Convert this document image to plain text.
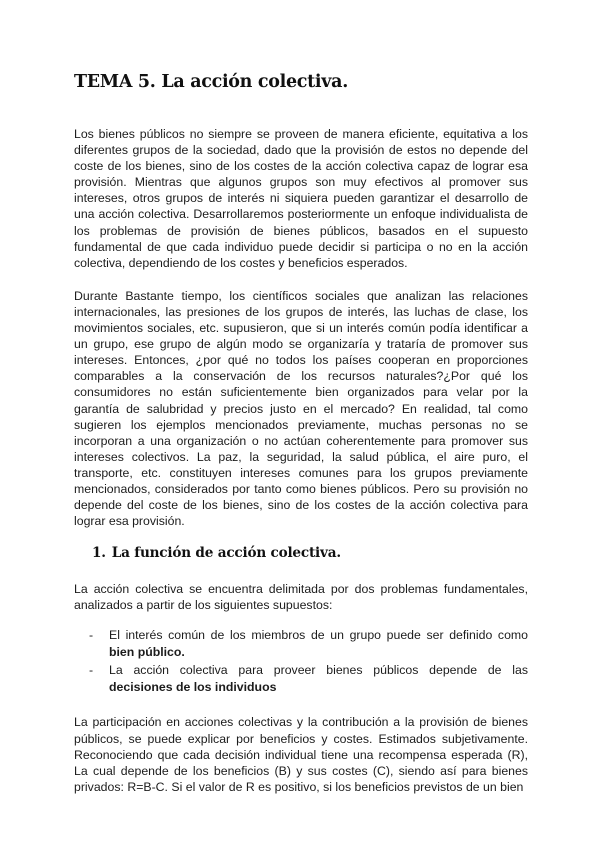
TEMA 5. La acción colectiva.

Los bienes públicos no siempre se proveen de manera eficiente, equitativa a los diferentes grupos de la sociedad, dado que la provisión de estos no depende del coste de los bienes, sino de los costes de la acción colectiva capaz de lograr esa provisión. Mientras que algunos grupos son muy efectivos al promover sus intereses, otros grupos de interés ni siquiera pueden garantizar el desarrollo de una acción colectiva. Desarrollaremos posteriormente un enfoque individualista de los problemas de provisión de bienes públicos, basados en el supuesto fundamental de que cada individuo puede decidir si participa o no en la acción colectiva, dependiendo de los costes y beneficios esperados.

Durante Bastante tiempo, los científicos sociales que analizan las relaciones internacionales, las presiones de los grupos de interés, las luchas de clase, los movimientos sociales, etc. supusieron, que si un interés común podía identificar a un grupo, ese grupo de algún modo se organizaría y trataría de promover sus intereses. Entonces, ¿por qué no todos los países cooperan en proporciones comparables a la conservación de los recursos naturales?¿Por qué los consumidores no están suficientemente bien organizados para velar por la garantía de salubridad y precios justo en el mercado? En realidad, tal como sugieren los ejemplos mencionados previamente, muchas personas no se incorporan a una organización o no actúan coherentemente para promover sus intereses colectivos. La paz, la seguridad, la salud pública, el aire puro, el transporte, etc. constituyen intereses comunes para los grupos previamente mencionados, considerados por tanto como bienes públicos. Pero su provisión no depende del coste de los bienes, sino de los costes de la acción colectiva para lograr esa provisión.

1. La función de acción colectiva.

La acción colectiva se encuentra delimitada por dos problemas fundamentales, analizados a partir de los siguientes supuestos:

- El interés común de los miembros de un grupo puede ser definido como bien público.
- La acción colectiva para proveer bienes públicos depende de las decisiones de los individuos

La participación en acciones colectivas y la contribución a la provisión de bienes públicos, se puede explicar por beneficios y costes. Estimados subjetivamente. Reconociendo que cada decisión individual tiene una recompensa esperada (R), La cual depende de los beneficios (B) y sus costes (C), siendo así para bienes privados: R=B-C. Si el valor de R es positivo, si los beneficios previstos de un bien
